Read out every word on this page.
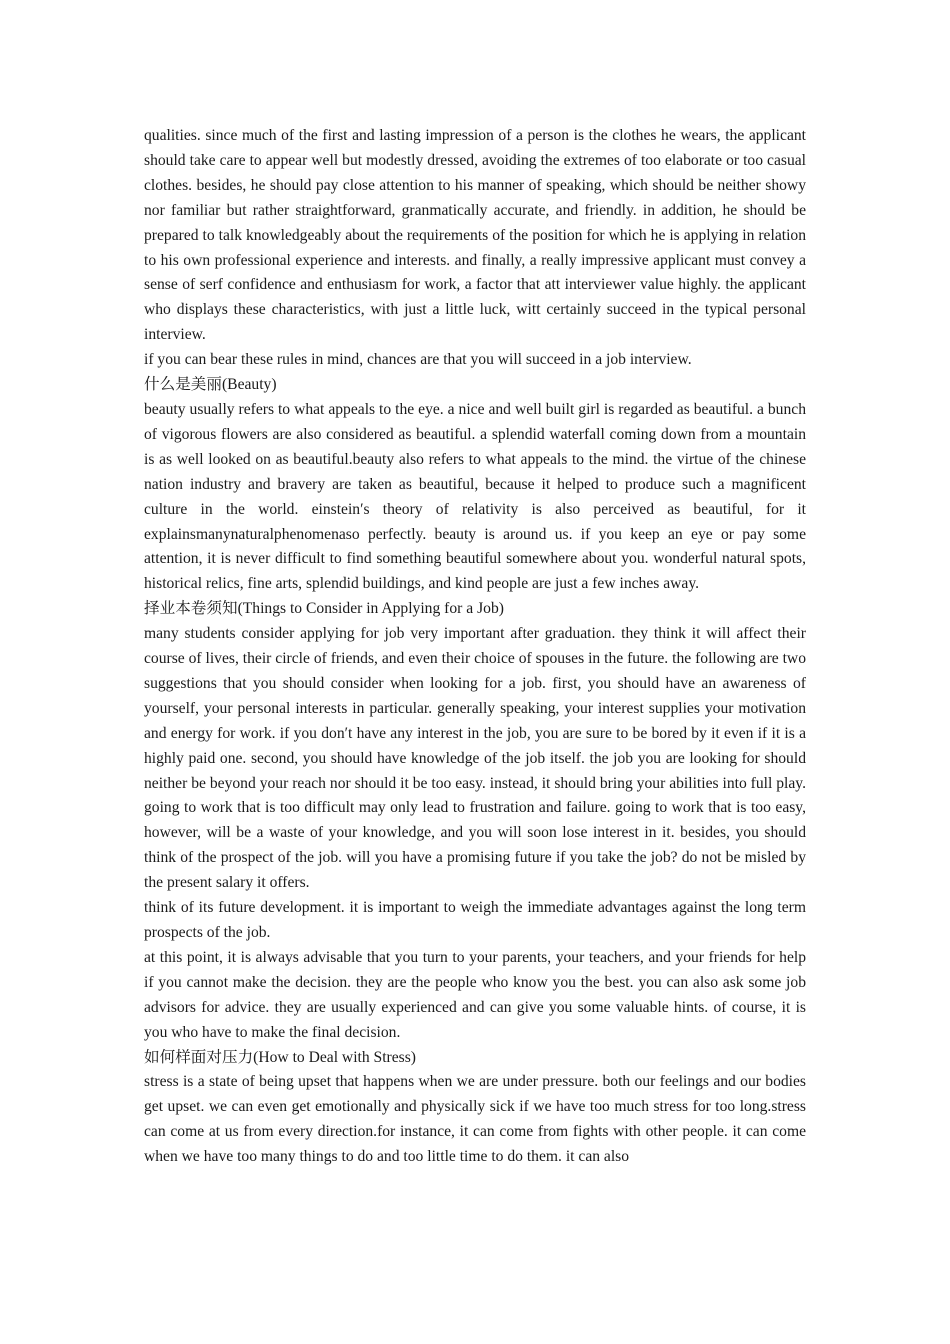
qualities. since much of the first and lasting impression of a person is the clothes he wears, the applicant should take care to appear well but modestly dressed, avoiding the extremes of too elaborate or too casual clothes. besides, he should pay close attention to his manner of speaking, which should be neither showy nor familiar but rather straightforward, granmatically accurate, and friendly. in addition, he should be prepared to talk knowledgeably about the requirements of the position for which he is applying in relation to his own professional experience and interests. and finally, a really impressive applicant must convey a sense of serf confidence and enthusiasm for work, a factor that att interviewer value highly. the applicant who displays these characteristics, with just a little luck, witt certainly succeed in the typical personal interview.

if you can bear these rules in mind, chances are that you will succeed in a job interview.

什么是美丽(Beauty)

beauty usually refers to what appeals to the eye. a nice and well built girl is regarded as beautiful. a bunch of vigorous flowers are also considered as beautiful. a splendid waterfall coming down from a mountain is as well looked on as beautiful.beauty also refers to what appeals to the mind. the virtue of the chinese nation industry and bravery are taken as beautiful, because it helped to produce such a magnificent culture in the world. einstein′s theory of relativity is also perceived as beautiful, for it explainsmanynaturalphenomenaso perfectly. beauty is around us. if you keep an eye or pay some attention, it is never difficult to find something beautiful somewhere about you. wonderful natural spots, historical relics, fine arts, splendid buildings, and kind people are just a few inches away.

择业本卷须知(Things to Consider in Applying for a Job)

many students consider applying for job very important after graduation. they think it will affect their course of lives, their circle of friends, and even their choice of spouses in the future. the following are two suggestions that you should consider when looking for a job. first, you should have an awareness of yourself, your personal interests in particular. generally speaking, your interest supplies your motivation and energy for work. if you don′t have any interest in the job, you are sure to be bored by it even if it is a highly paid one. second, you should have knowledge of the job itself. the job you are looking for should neither be beyond your reach nor should it be too easy. instead, it should bring your abilities into full play. going to work that is too difficult may only lead to frustration and failure. going to work that is too easy, however, will be a waste of your knowledge, and you will soon lose interest in it. besides, you should think of the prospect of the job. will you have a promising future if you take the job? do not be misled by the present salary it offers.

think of its future development. it is important to weigh the immediate advantages against the long term prospects of the job.

at this point, it is always advisable that you turn to your parents, your teachers, and your friends for help if you cannot make the decision. they are the people who know you the best. you can also ask some job advisors for advice. they are usually experienced and can give you some valuable hints. of course, it is you who have to make the final decision.

如何样面对压力(How to Deal with Stress)

stress is a state of being upset that happens when we are under pressure. both our feelings and our bodies get upset. we can even get emotionally and physically sick if we have too much stress for too long.stress can come at us from every direction.for instance, it can come from fights with other people. it can come when we have too many things to do and too little time to do them. it can also
